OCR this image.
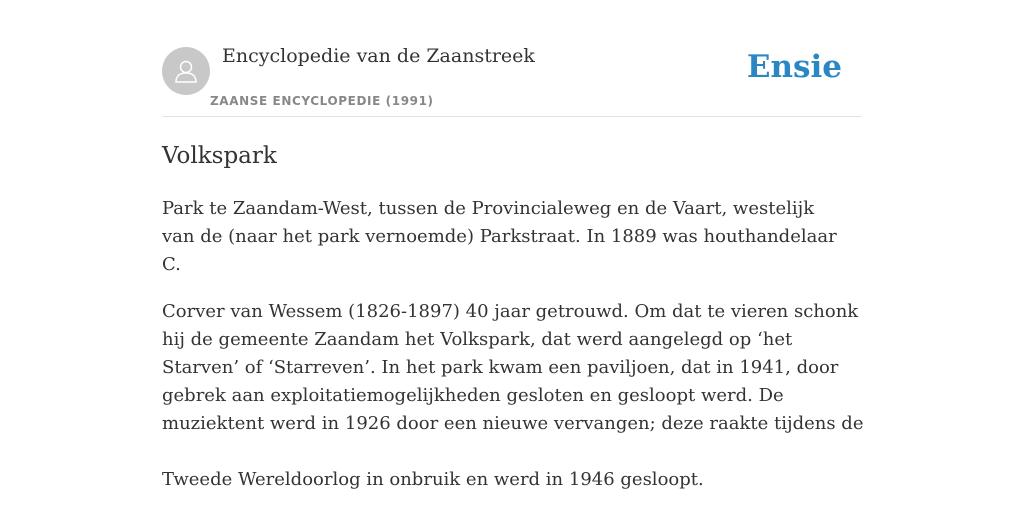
Encyclopedie van de Zaanstreek
ZAANSE ENCYCLOPEDIE (1991)
Ensie
Volkspark

Park te Zaandam-West, tussen de Provincialeweg en de Vaart, westelijk van de (naar het park vernoemde) Parkstraat. In 1889 was houthandelaar C.

Corver van Wessem (1826-1897) 40 jaar getrouwd. Om dat te vieren schonk hij de gemeente Zaandam het Volkspark, dat werd aangelegd op ‘het Starven’ of ‘Starreven’. In het park kwam een paviljoen, dat in 1941, door gebrek aan exploitatiemogelijkheden gesloten en gesloopt werd. De muziektent werd in 1926 door een nieuwe vervangen; deze raakte tijdens de

Tweede Wereldoorlog in onbruik en werd in 1946 gesloopt.
